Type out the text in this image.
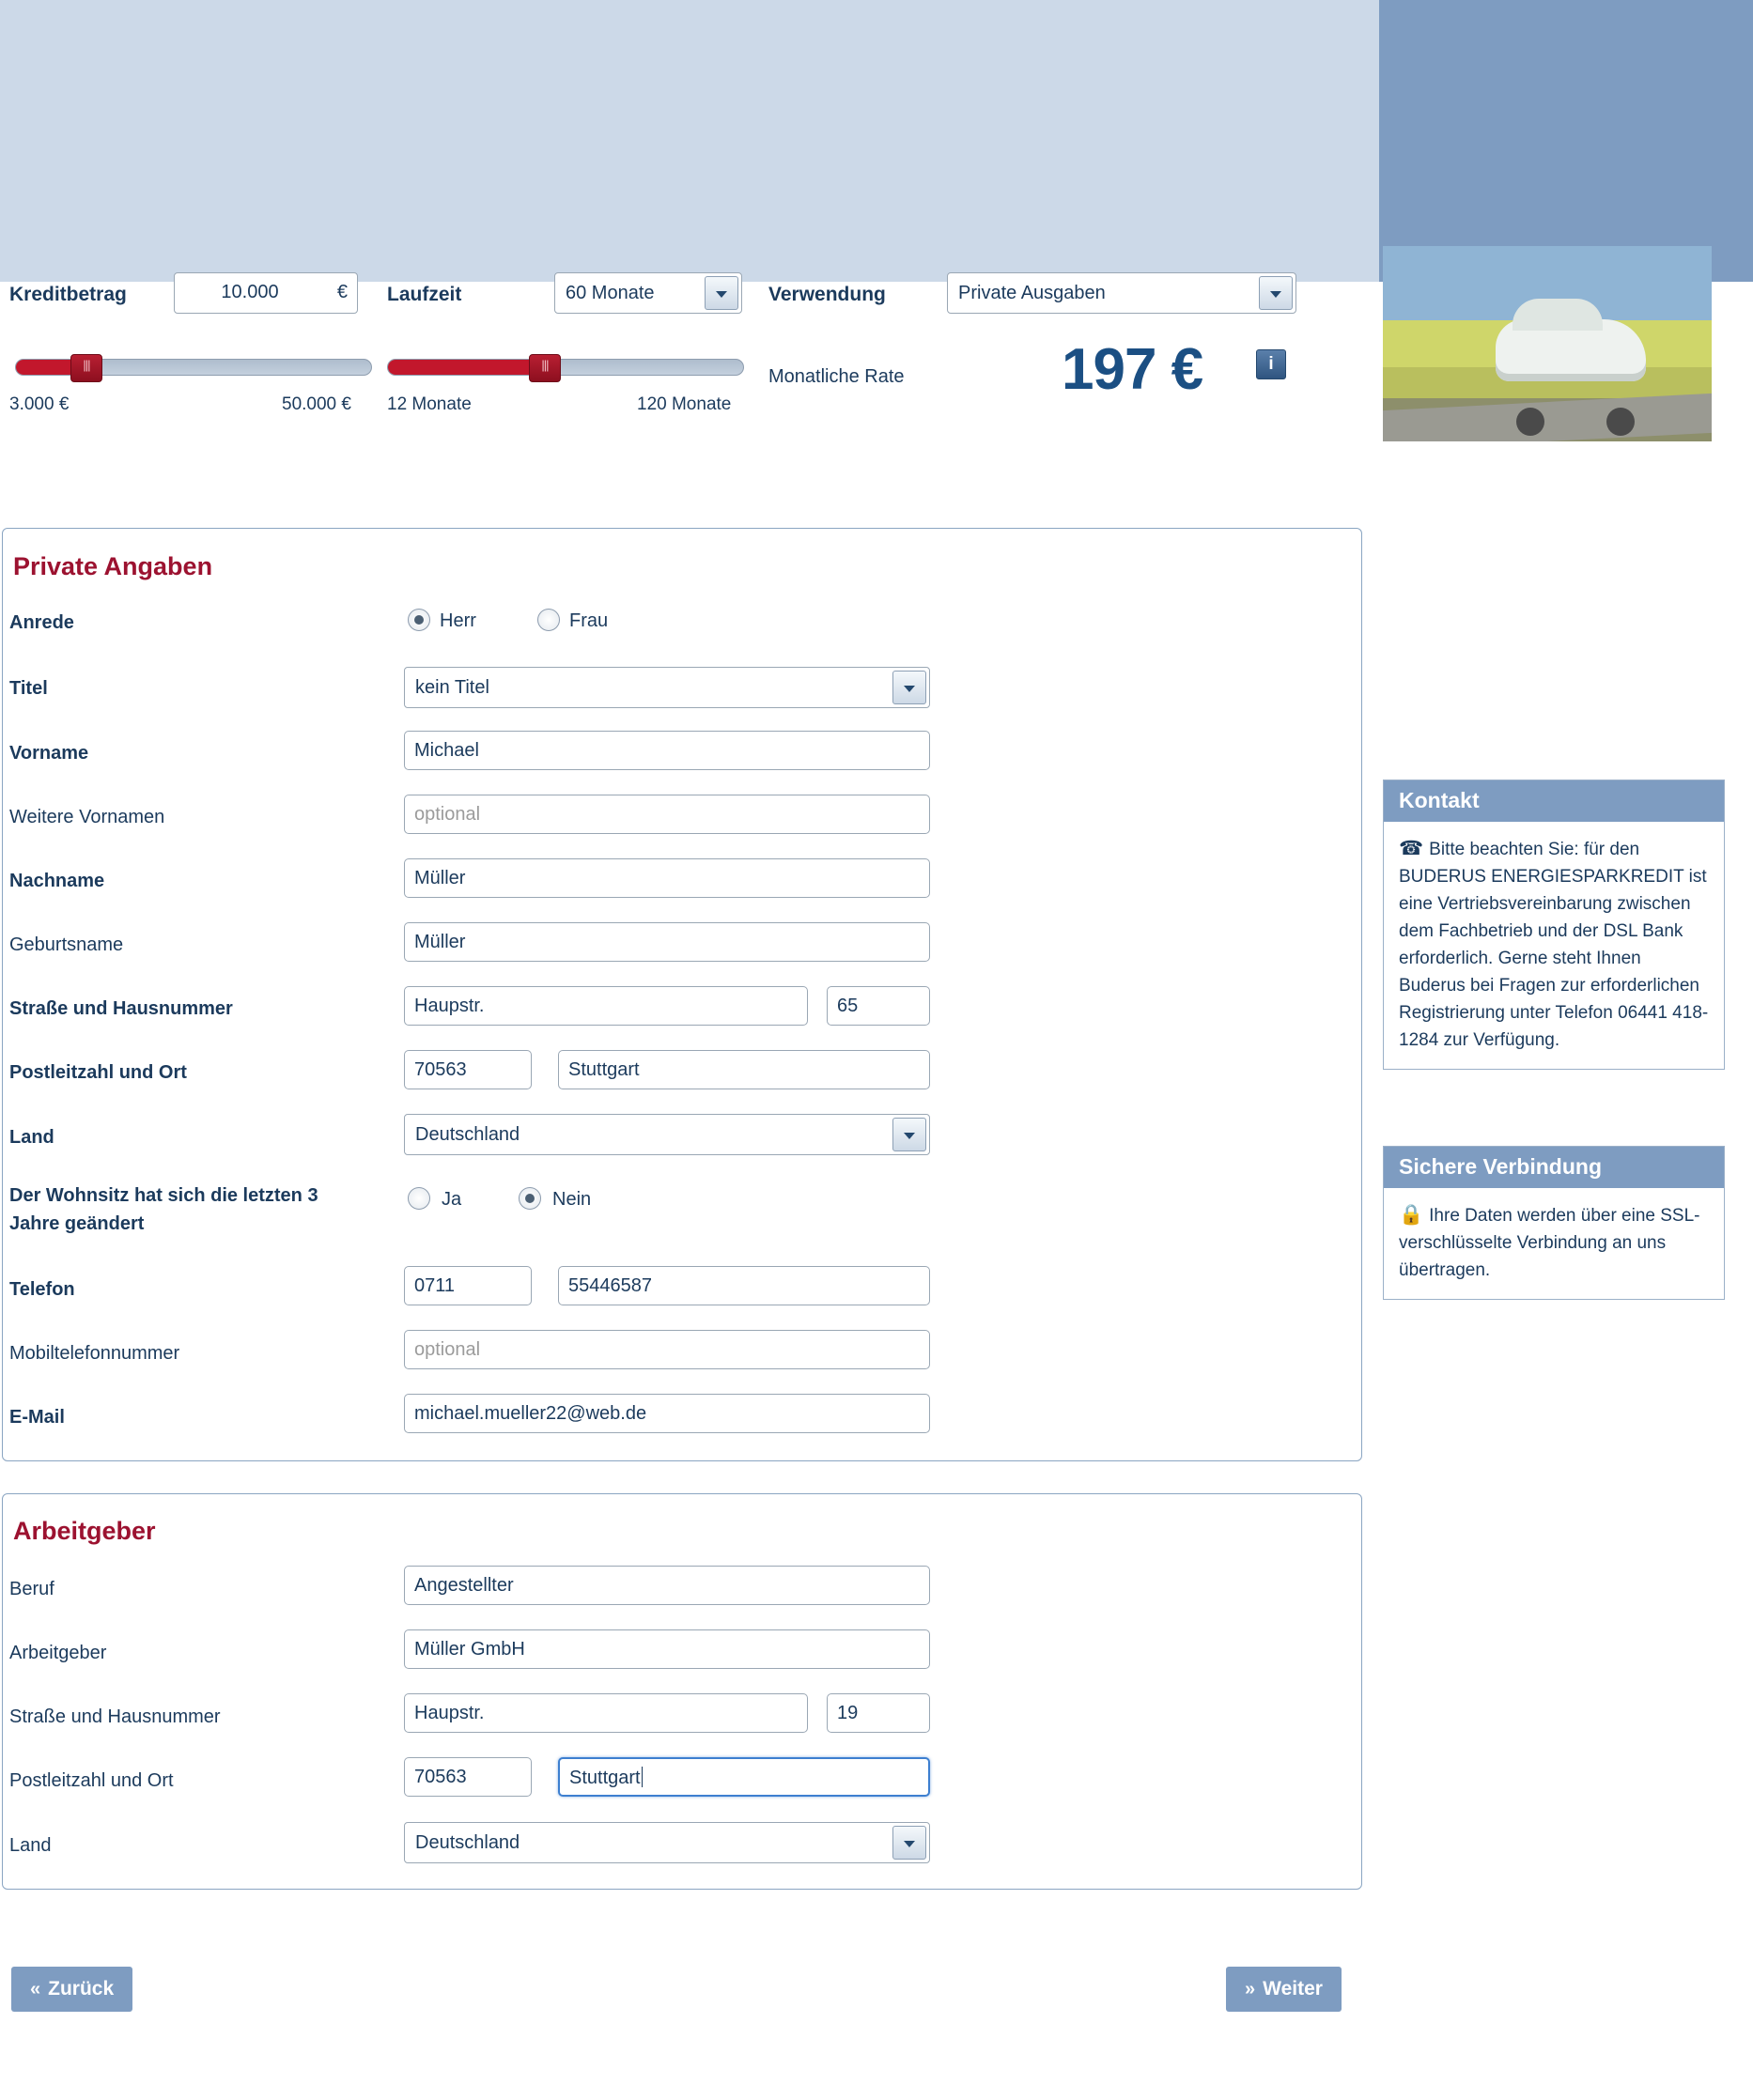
Kreditbetrag	10.000	€
|||
3.000 €	50.000 €
Laufzeit	60 Monate
|||
12 Monate	120 Monate
Verwendung	Private Ausgaben
Monatliche Rate	197 €	i
Private Angaben
Anrede	Herr	Frau
Titel	kein Titel
Vorname	Michael
Weitere Vornamen	optional
Nachname	Müller
Geburtsname	Müller
Straße und Hausnummer	Haupstr.	65
Postleitzahl und Ort	70563	Stuttgart
Land	Deutschland
Der Wohnsitz hat sich die letzten 3
Jahre geändert
Ja	Nein
Telefon	0711	55446587
Mobiltelefonnummer	optional
E-Mail	michael.mueller22@web.de
Arbeitgeber
Beruf	Angestellter
Arbeitgeber	Müller GmbH
Straße und Hausnummer	Haupstr.	19
Postleitzahl und Ort	70563	Stuttgart
Land	Deutschland
Kontakt
☎ Bitte beachten Sie: für den BUDERUS ENERGIESPARKREDIT ist eine Vertriebsvereinbarung zwischen dem Fachbetrieb und der DSL Bank erforderlich. Gerne steht Ihnen Buderus bei Fragen zur erforderlichen Registrierung unter Telefon 06441 418-1284 zur Verfügung.
Sichere Verbindung
🔒 Ihre Daten werden über eine SSL-verschlüsselte Verbindung an uns übertragen.
« Zurück	» Weiter
